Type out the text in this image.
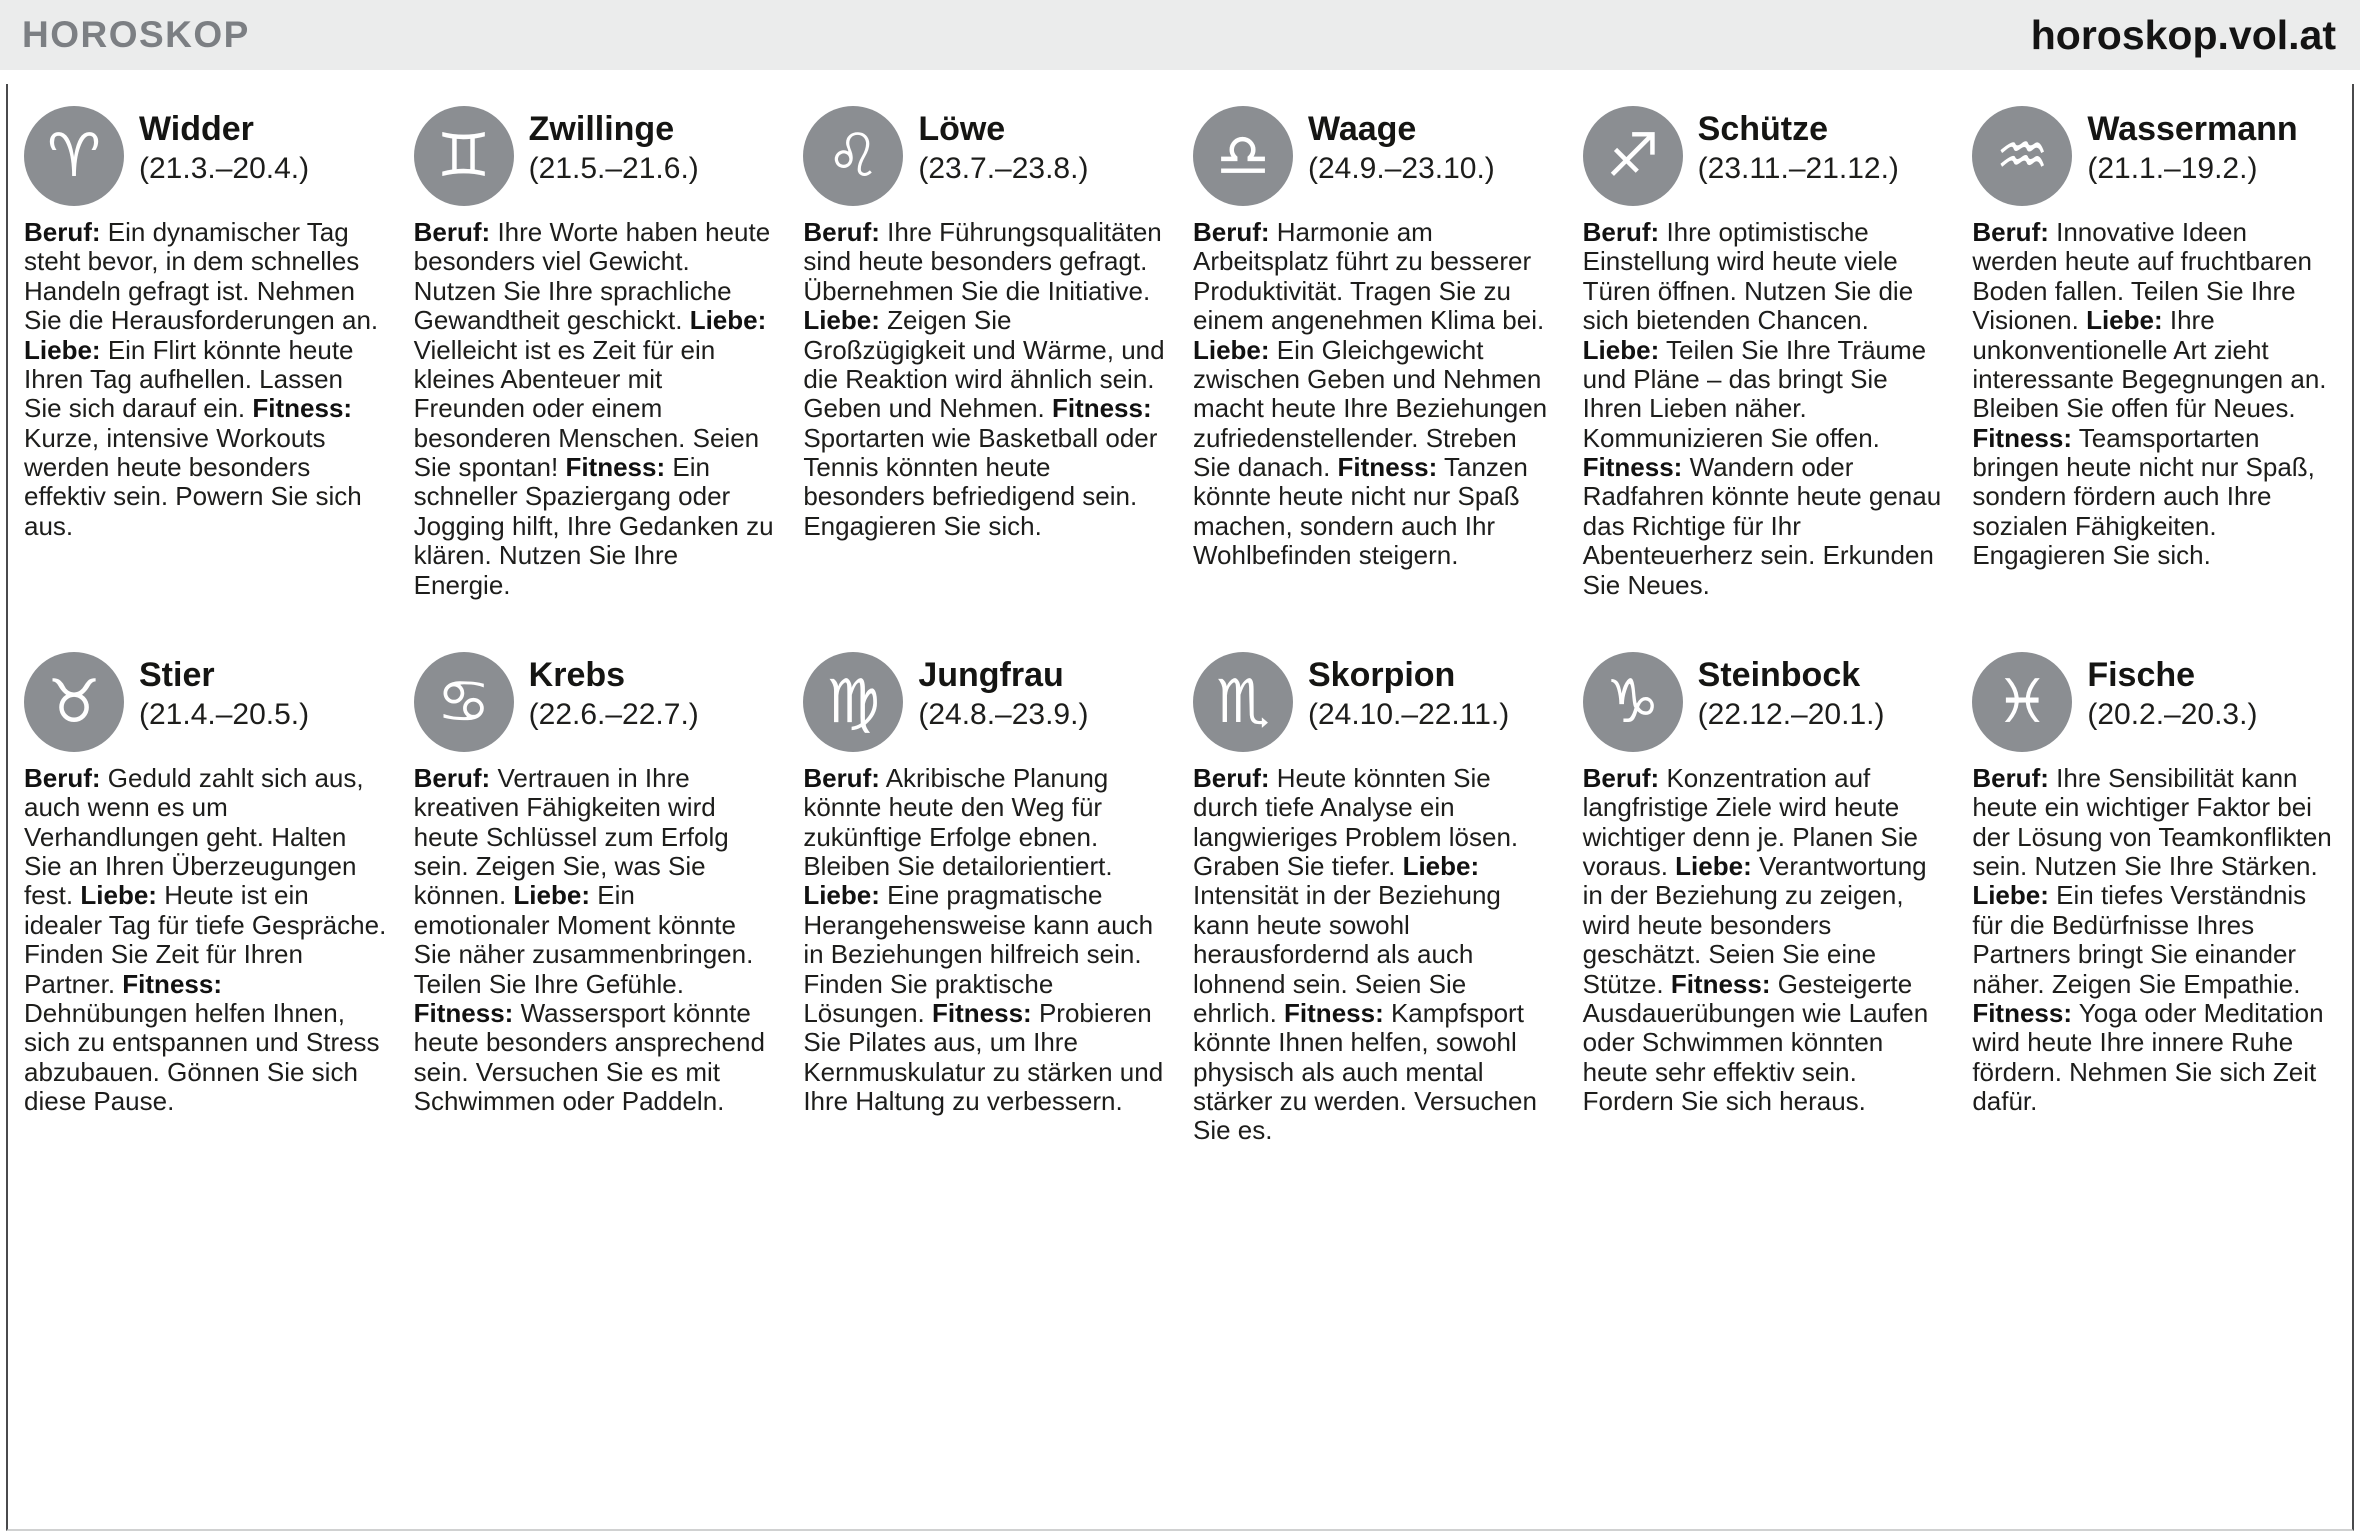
HOROSKOP	horoskop.vol.at
♈	Widder
(21.3.–20.4.)

Beruf: Ein dynamischer Tag steht bevor, in dem schnelles Handeln gefragt ist. Nehmen Sie die Herausforderungen an. Liebe: Ein Flirt könnte heute Ihren Tag aufhellen. Lassen Sie sich darauf ein. Fitness: Kurze, intensive Workouts werden heute besonders effektiv sein. Powern Sie sich aus.

♊	Zwillinge
(21.5.–21.6.)

Beruf: Ihre Worte haben heute besonders viel Gewicht. Nutzen Sie Ihre sprachliche Gewandtheit geschickt. Liebe: Vielleicht ist es Zeit für ein kleines Abenteuer mit Freunden oder einem besonderen Menschen. Seien Sie spontan! Fitness: Ein schneller Spaziergang oder Jogging hilft, Ihre Gedanken zu klären. Nutzen Sie Ihre Energie.

♌	Löwe
(23.7.–23.8.)

Beruf: Ihre Führungsqualitäten sind heute besonders gefragt. Übernehmen Sie die Initiative. Liebe: Zeigen Sie Großzügigkeit und Wärme, und die Reaktion wird ähnlich sein. Geben und Nehmen. Fitness: Sportarten wie Basketball oder Tennis könnten heute besonders befriedigend sein. Engagieren Sie sich.

♎	Waage
(24.9.–23.10.)

Beruf: Harmonie am Arbeitsplatz führt zu besserer Produktivität. Tragen Sie zu einem angenehmen Klima bei. Liebe: Ein Gleichgewicht zwischen Geben und Nehmen macht heute Ihre Beziehungen zufriedenstellender. Streben Sie danach. Fitness: Tanzen könnte heute nicht nur Spaß machen, sondern auch Ihr Wohlbefinden steigern.

♐	Schütze
(23.11.–21.12.)

Beruf: Ihre optimistische Einstellung wird heute viele Türen öffnen. Nutzen Sie die sich bietenden Chancen. Liebe: Teilen Sie Ihre Träume und Pläne – das bringt Sie Ihren Lieben näher. Kommunizieren Sie offen. Fitness: Wandern oder Radfahren könnte heute genau das Richtige für Ihr Abenteuerherz sein. Erkunden Sie Neues.

♒	Wassermann
(21.1.–19.2.)

Beruf: Innovative Ideen werden heute auf fruchtbaren Boden fallen. Teilen Sie Ihre Visionen. Liebe: Ihre unkonventionelle Art zieht interessante Begegnungen an. Bleiben Sie offen für Neues. Fitness: Teamsportarten bringen heute nicht nur Spaß, sondern fördern auch Ihre sozialen Fähigkeiten. Engagieren Sie sich.

♉	Stier
(21.4.–20.5.)

Beruf: Geduld zahlt sich aus, auch wenn es um Verhandlungen geht. Halten Sie an Ihren Überzeugungen fest. Liebe: Heute ist ein idealer Tag für tiefe Gespräche. Finden Sie Zeit für Ihren Partner. Fitness: Dehnübungen helfen Ihnen, sich zu entspannen und Stress abzubauen. Gönnen Sie sich diese Pause.

♋	Krebs
(22.6.–22.7.)

Beruf: Vertrauen in Ihre kreativen Fähigkeiten wird heute Schlüssel zum Erfolg sein. Zeigen Sie, was Sie können. Liebe: Ein emotionaler Moment könnte Sie näher zusammenbringen. Teilen Sie Ihre Gefühle. Fitness: Wassersport könnte heute besonders ansprechend sein. Versuchen Sie es mit Schwimmen oder Paddeln.

♍	Jungfrau
(24.8.–23.9.)

Beruf: Akribische Planung könnte heute den Weg für zukünftige Erfolge ebnen. Bleiben Sie detailorientiert. Liebe: Eine pragmatische Herangehensweise kann auch in Beziehungen hilfreich sein. Finden Sie praktische Lösungen. Fitness: Probieren Sie Pilates aus, um Ihre Kernmuskulatur zu stärken und Ihre Haltung zu verbessern.

♏	Skorpion
(24.10.–22.11.)

Beruf: Heute könnten Sie durch tiefe Analyse ein langwieriges Problem lösen. Graben Sie tiefer. Liebe: Intensität in der Beziehung kann heute sowohl herausfordernd als auch lohnend sein. Seien Sie ehrlich. Fitness: Kampfsport könnte Ihnen helfen, sowohl physisch als auch mental stärker zu werden. Versuchen Sie es.

♑	Steinbock
(22.12.–20.1.)

Beruf: Konzentration auf langfristige Ziele wird heute wichtiger denn je. Planen Sie voraus. Liebe: Verantwortung in der Beziehung zu zeigen, wird heute besonders geschätzt. Seien Sie eine Stütze. Fitness: Gesteigerte Ausdauerübungen wie Laufen oder Schwimmen könnten heute sehr effektiv sein. Fordern Sie sich heraus.

♓	Fische
(20.2.–20.3.)

Beruf: Ihre Sensibilität kann heute ein wichtiger Faktor bei der Lösung von Teamkonflikten sein. Nutzen Sie Ihre Stärken. Liebe: Ein tiefes Verständnis für die Bedürfnisse Ihres Partners bringt Sie einander näher. Zeigen Sie Empathie. Fitness: Yoga oder Meditation wird heute Ihre innere Ruhe fördern. Nehmen Sie sich Zeit dafür.
